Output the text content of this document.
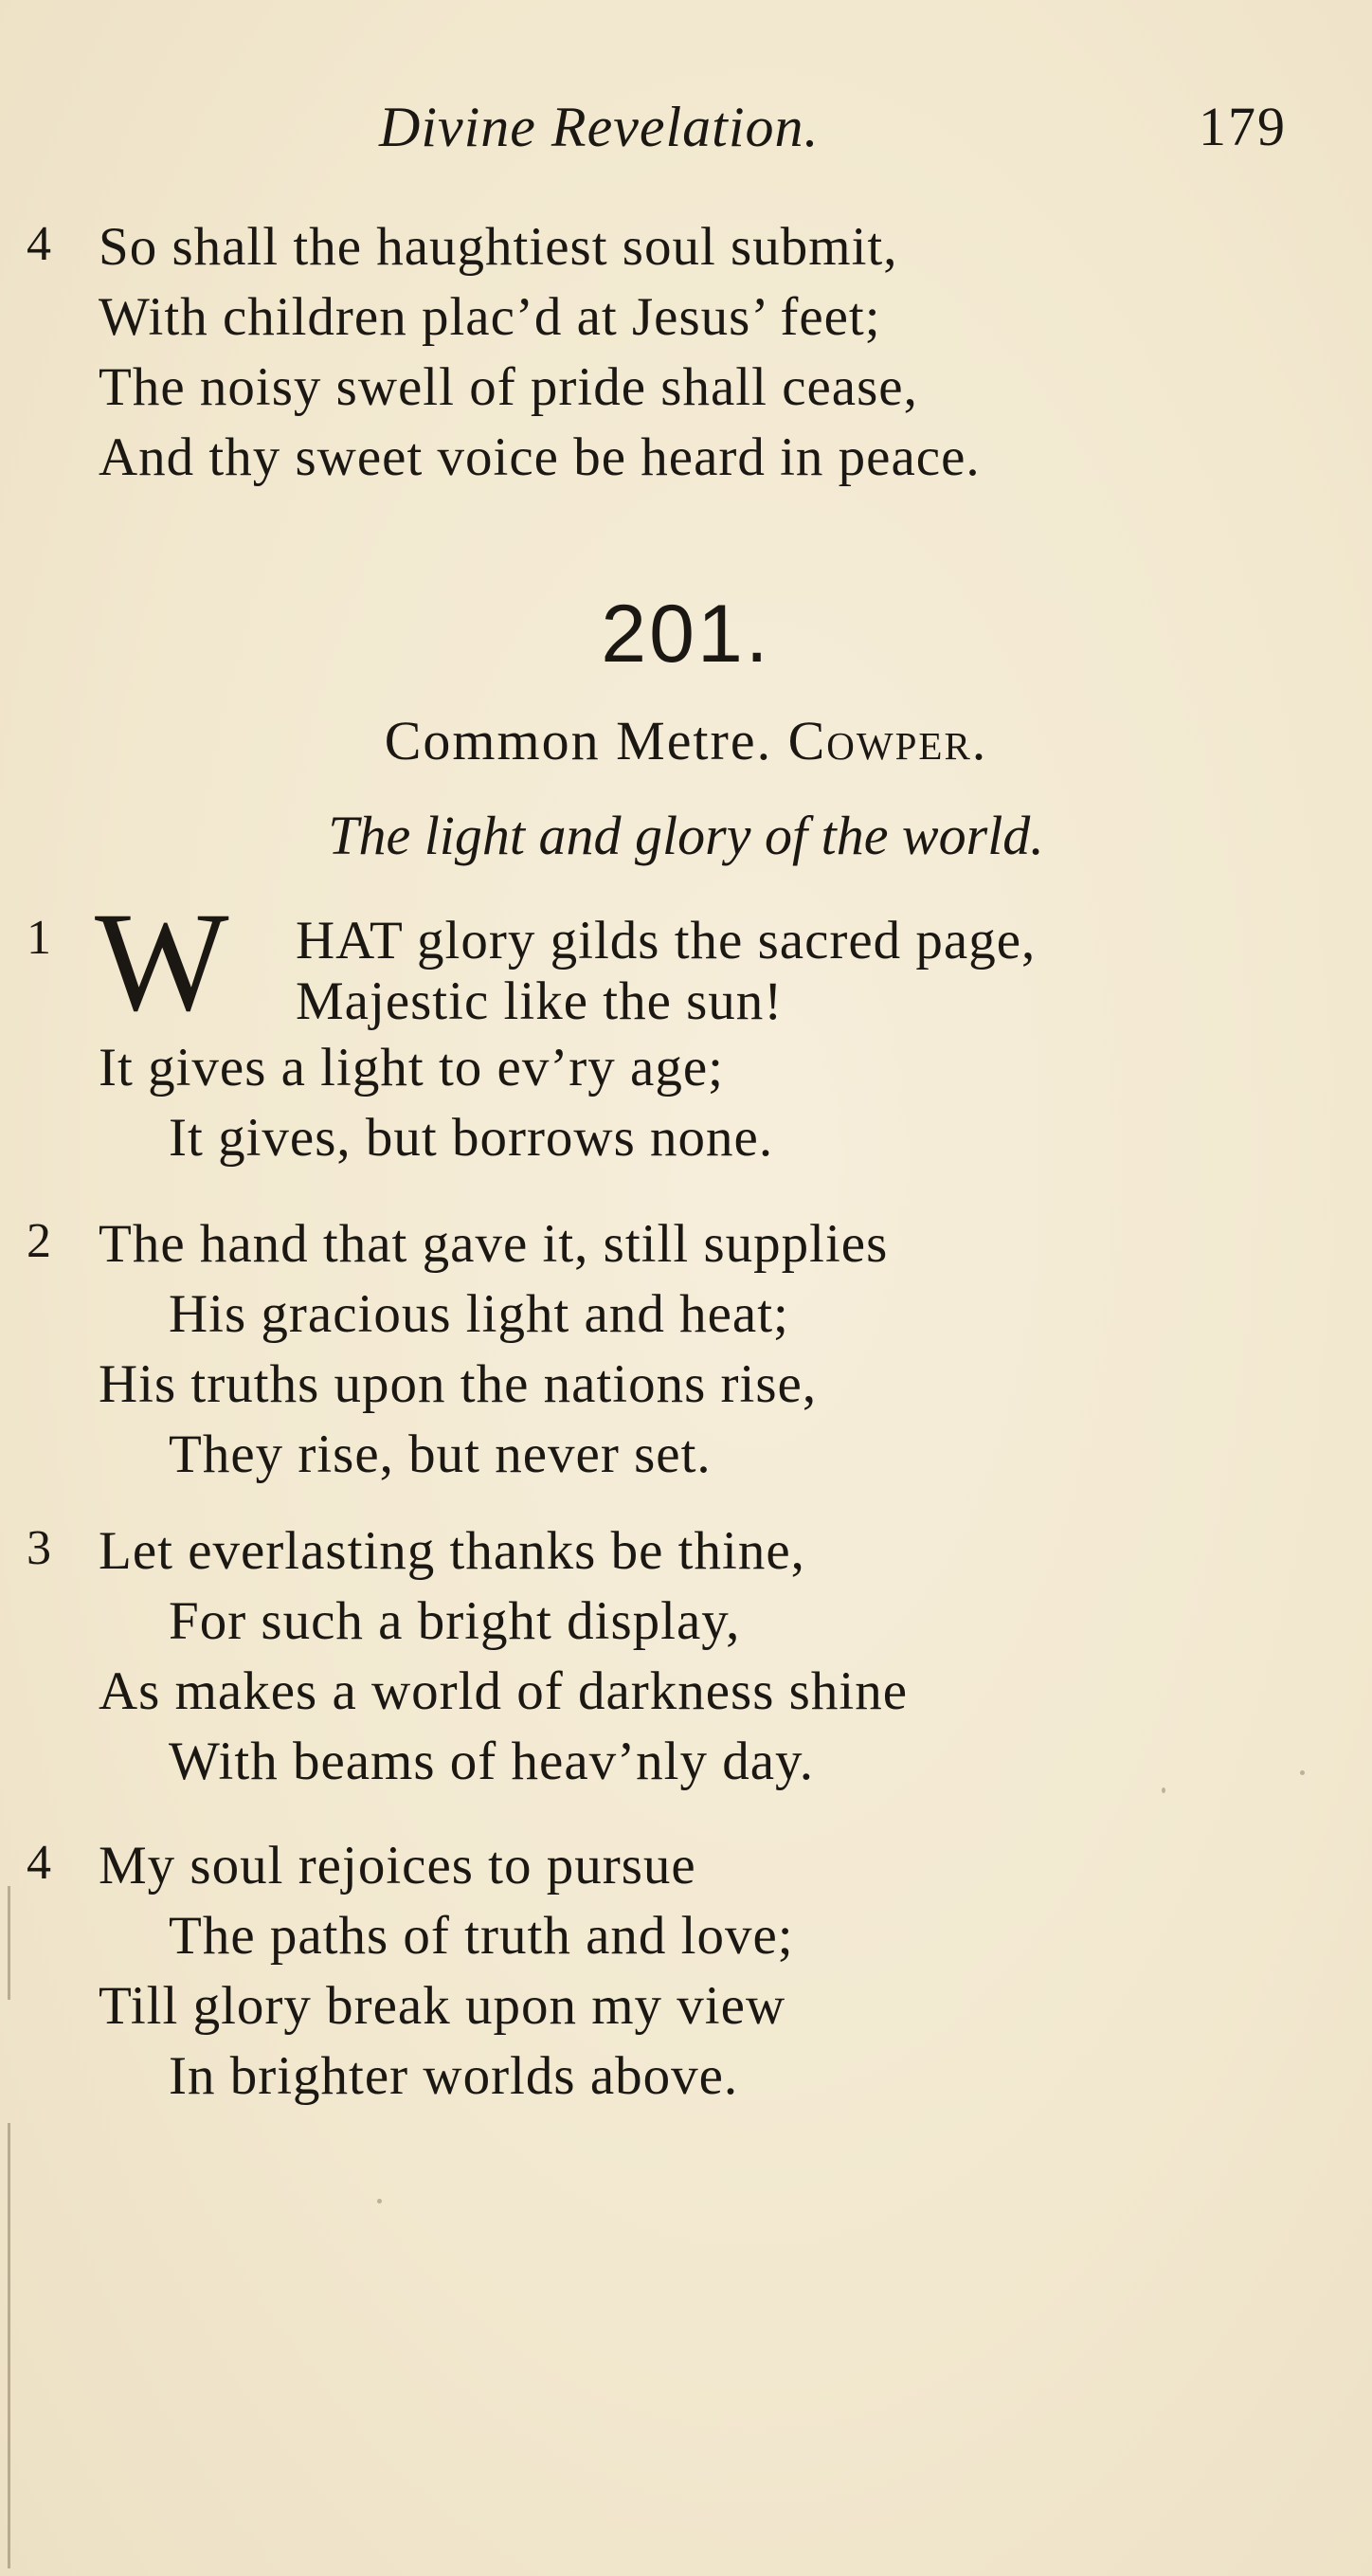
Divine Revelation.	179
4 So shall the haughtiest soul submit,
With children plac’d at Jesus’ feet;
The noisy swell of pride shall cease,
And thy sweet voice be heard in peace.
201.
Common Metre. Cowper.
The light and glory of the world.
1 W HAT glory gilds the sacred page,
Majestic like the sun!
It gives a light to ev’ry age;
It gives, but borrows none.
2 The hand that gave it, still supplies
His gracious light and heat;
His truths upon the nations rise,
They rise, but never set.
3 Let everlasting thanks be thine,
For such a bright display,
As makes a world of darkness shine
With beams of heav’nly day.
4 My soul rejoices to pursue
The paths of truth and love;
Till glory break upon my view
In brighter worlds above.
